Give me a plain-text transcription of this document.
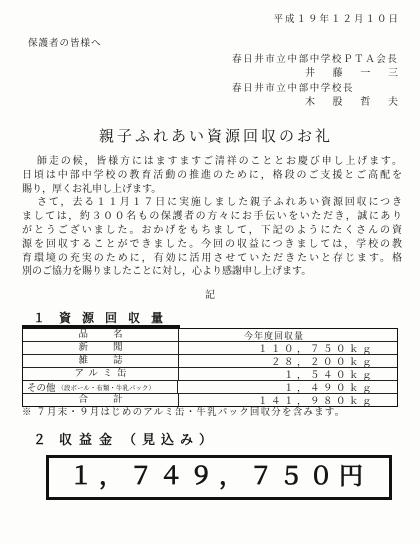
平成１９年１２月１０日
保護者の皆様へ
春日井市立中部中学校ＰＴＡ会長
井藤一三
春日井市立中部中学校長
木股哲夫
親子ふれあい資源回収のお礼
師走の候，皆様方にはますますご清祥のこととお慶び申し上げます。
日頃は中部中学校の教育活動の推進のために，格段のご支援とご高配を
賜り，厚くお礼申し上げます。
さて，去る１１月１７日に実施しました親子ふれあい資源回収につき
ましては，約３００名もの保護者の方々にお手伝いをいただき，誠にあり
がとうございました。おかげをもちまして，下記のようにたくさんの資
源を回収することができました。今回の収益につきましては，学校の教
育環境の充実のために，有効に活用させていただきたいと存じます。格
別のご協力を賜りましたことに対し，心より感謝申し上げます。
記
１ 資源回収量
品名	今年度回収量
新聞	１１０，７５０ｋｇ
雑誌	２８，２００ｋｇ
アルミ缶	１，５４０ｋｇ
その他 （段ボール・布類・牛乳パック）	１，４９０ｋｇ
合計	１４１，９８０ｋｇ
※ ７月末・９月はじめのアルミ缶・牛乳パック回収分を含みます。
２ 収益金 （見込み）
１，７４９，７５０円
